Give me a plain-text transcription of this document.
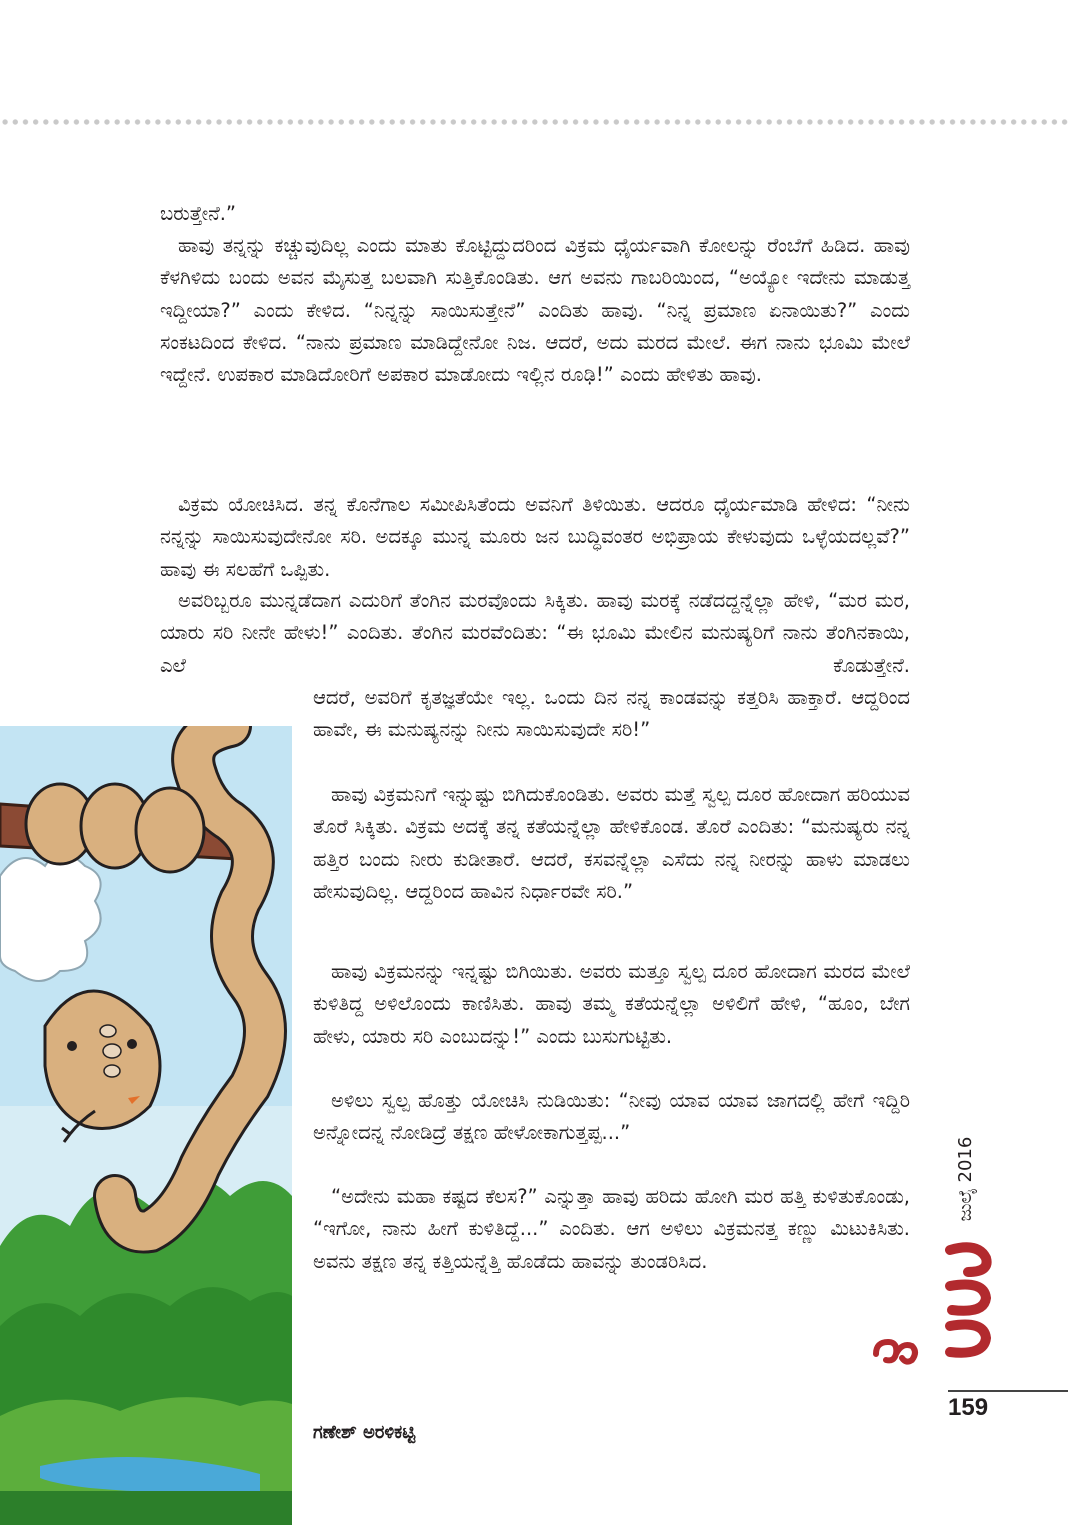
ಬರುತ್ತೇನೆ.”

ಹಾವು ತನ್ನನ್ನು ಕಚ್ಚುವುದಿಲ್ಲ ಎಂದು ಮಾತು ಕೊಟ್ಟಿದ್ದುದರಿಂದ ವಿಕ್ರಮ ಧೈರ್ಯವಾಗಿ ಕೋಲನ್ನು ರೆಂಬೆಗೆ ಹಿಡಿದ. ಹಾವು ಕೆಳಗಿಳಿದು ಬಂದು ಅವನ ಮೈಸುತ್ತ ಬಲವಾಗಿ ಸುತ್ತಿಕೊಂಡಿತು. ಆಗ ಅವನು ಗಾಬರಿಯಿಂದ, “ಅಯ್ಯೋ ಇದೇನು ಮಾಡುತ್ತ ಇದ್ದೀಯಾ?” ಎಂದು ಕೇಳಿದ. “ನಿನ್ನನ್ನು ಸಾಯಿಸುತ್ತೇನೆ” ಎಂದಿತು ಹಾವು. “ನಿನ್ನ ಪ್ರಮಾಣ ಏನಾಯಿತು?” ಎಂದು ಸಂಕಟದಿಂದ ಕೇಳಿದ. “ನಾನು ಪ್ರಮಾಣ ಮಾಡಿದ್ದೇನೋ ನಿಜ. ಆದರೆ, ಅದು ಮರದ ಮೇಲೆ. ಈಗ ನಾನು ಭೂಮಿ ಮೇಲೆ ಇದ್ದೇನೆ. ಉಪಕಾರ ಮಾಡಿದೋರಿಗೆ ಅಪಕಾರ ಮಾಡೋದು ಇಲ್ಲಿನ ರೂಢಿ!” ಎಂದು ಹೇಳಿತು ಹಾವು.

ವಿಕ್ರಮ ಯೋಚಿಸಿದ. ತನ್ನ ಕೊನೆಗಾಲ ಸಮೀಪಿಸಿತೆಂದು ಅವನಿಗೆ ತಿಳಿಯಿತು. ಆದರೂ ಧೈರ್ಯಮಾಡಿ ಹೇಳಿದ: “ನೀನು ನನ್ನನ್ನು ಸಾಯಿಸುವುದೇನೋ ಸರಿ. ಅದಕ್ಕೂ ಮುನ್ನ ಮೂರು ಜನ ಬುದ್ಧಿವಂತರ ಅಭಿಪ್ರಾಯ ಕೇಳುವುದು ಒಳ್ಳೆಯದಲ್ಲವೆ?” ಹಾವು ಈ ಸಲಹೆಗೆ ಒಪ್ಪಿತು.

ಅವರಿಬ್ಬರೂ ಮುನ್ನಡೆದಾಗ ಎದುರಿಗೆ ತೆಂಗಿನ ಮರವೊಂದು ಸಿಕ್ಕಿತು. ಹಾವು ಮರಕ್ಕೆ ನಡೆದದ್ದನ್ನೆಲ್ಲಾ ಹೇಳಿ, “ಮರ ಮರ, ಯಾರು ಸರಿ ನೀನೇ ಹೇಳು!” ಎಂದಿತು. ತೆಂಗಿನ ಮರವೆಂದಿತು: “ಈ ಭೂಮಿ ಮೇಲಿನ ಮನುಷ್ಯರಿಗೆ ನಾನು ತೆಂಗಿನಕಾಯಿ, ಎಲೆ ಕೊಡುತ್ತೇನೆ.

ಆದರೆ, ಅವರಿಗೆ ಕೃತಜ್ಞತೆಯೇ ಇಲ್ಲ. ಒಂದು ದಿನ ನನ್ನ ಕಾಂಡವನ್ನು ಕತ್ತರಿಸಿ ಹಾಕ್ತಾರೆ. ಆದ್ದರಿಂದ ಹಾವೇ, ಈ ಮನುಷ್ಯನನ್ನು ನೀನು ಸಾಯಿಸುವುದೇ ಸರಿ!”

ಹಾವು ವಿಕ್ರಮನಿಗೆ ಇನ್ನುಷ್ಟು ಬಿಗಿದುಕೊಂಡಿತು. ಅವರು ಮತ್ತೆ ಸ್ವಲ್ಪ ದೂರ ಹೋದಾಗ ಹರಿಯುವ ತೊರೆ ಸಿಕ್ಕಿತು. ವಿಕ್ರಮ ಅದಕ್ಕೆ ತನ್ನ ಕತೆಯನ್ನೆಲ್ಲಾ ಹೇಳಿಕೊಂಡ. ತೊರೆ ಎಂದಿತು: “ಮನುಷ್ಯರು ನನ್ನ ಹತ್ತಿರ ಬಂದು ನೀರು ಕುಡೀತಾರೆ. ಆದರೆ, ಕಸವನ್ನೆಲ್ಲಾ ಎಸೆದು ನನ್ನ ನೀರನ್ನು ಹಾಳು ಮಾಡಲು ಹೇಸುವುದಿಲ್ಲ. ಆದ್ದರಿಂದ ಹಾವಿನ ನಿರ್ಧಾರವೇ ಸರಿ.”

ಹಾವು ವಿಕ್ರಮನನ್ನು ಇನ್ನಷ್ಟು ಬಿಗಿಯಿತು. ಅವರು ಮತ್ತೂ ಸ್ವಲ್ಪ ದೂರ ಹೋದಾಗ ಮರದ ಮೇಲೆ ಕುಳಿತಿದ್ದ ಅಳಿಲೊಂದು ಕಾಣಿಸಿತು. ಹಾವು ತಮ್ಮ ಕತೆಯನ್ನೆಲ್ಲಾ ಅಳಿಲಿಗೆ ಹೇಳಿ, “ಹೂಂ, ಬೇಗ ಹೇಳು, ಯಾರು ಸರಿ ಎಂಬುದನ್ನು!” ಎಂದು ಬುಸುಗುಟ್ಟಿತು.

ಅಳಿಲು ಸ್ವಲ್ಪ ಹೊತ್ತು ಯೋಚಿಸಿ ನುಡಿಯಿತು: “ನೀವು ಯಾವ ಯಾವ ಜಾಗದಲ್ಲಿ ಹೇಗೆ ಇದ್ದಿರಿ ಅನ್ನೋದನ್ನ ನೋಡಿದ್ರೆ ತಕ್ಷಣ ಹೇಳೋಕಾಗುತ್ತಪ್ಪ...”

“ಅದೇನು ಮಹಾ ಕಷ್ಟದ ಕೆಲಸ?” ಎನ್ನುತ್ತಾ ಹಾವು ಹರಿದು ಹೋಗಿ ಮರ ಹತ್ತಿ ಕುಳಿತುಕೊಂಡು, “ಇಗೋ, ನಾನು ಹೀಗೆ ಕುಳಿತಿದ್ದೆ...” ಎಂದಿತು. ಆಗ ಅಳಿಲು ವಿಕ್ರಮನತ್ತ ಕಣ್ಣು ಮಿಟುಕಿಸಿತು. ಅವನು ತಕ್ಷಣ ತನ್ನ ಕತ್ತಿಯನ್ನೆತ್ತಿ ಹೊಡೆದು ಹಾವನ್ನು ತುಂಡರಿಸಿದ.

ಜುಲೈ 2016
159
ಗಣೇಶ್ ಅರಳಿಕಟ್ಟಿ
